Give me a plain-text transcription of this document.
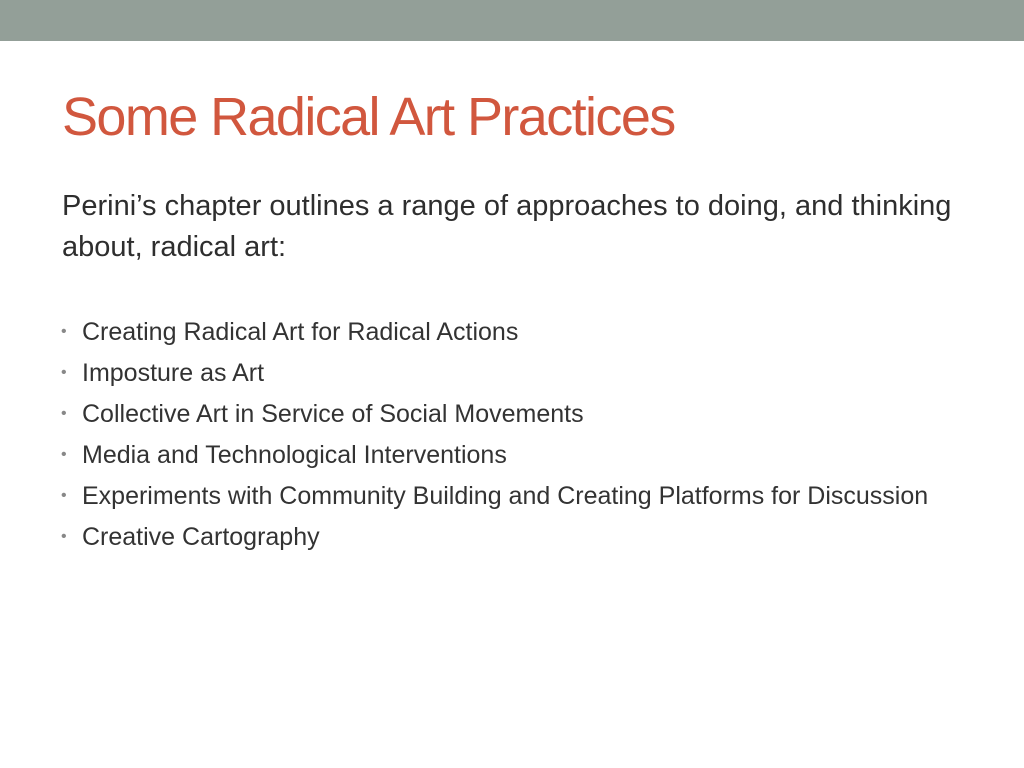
Some Radical Art Practices

Perini’s chapter outlines a range of approaches to doing, and thinking about, radical art:

• Creating Radical Art for Radical Actions
• Imposture as Art
• Collective Art in Service of Social Movements
• Media and Technological Interventions
• Experiments with Community Building and Creating Platforms for Discussion
• Creative Cartography
